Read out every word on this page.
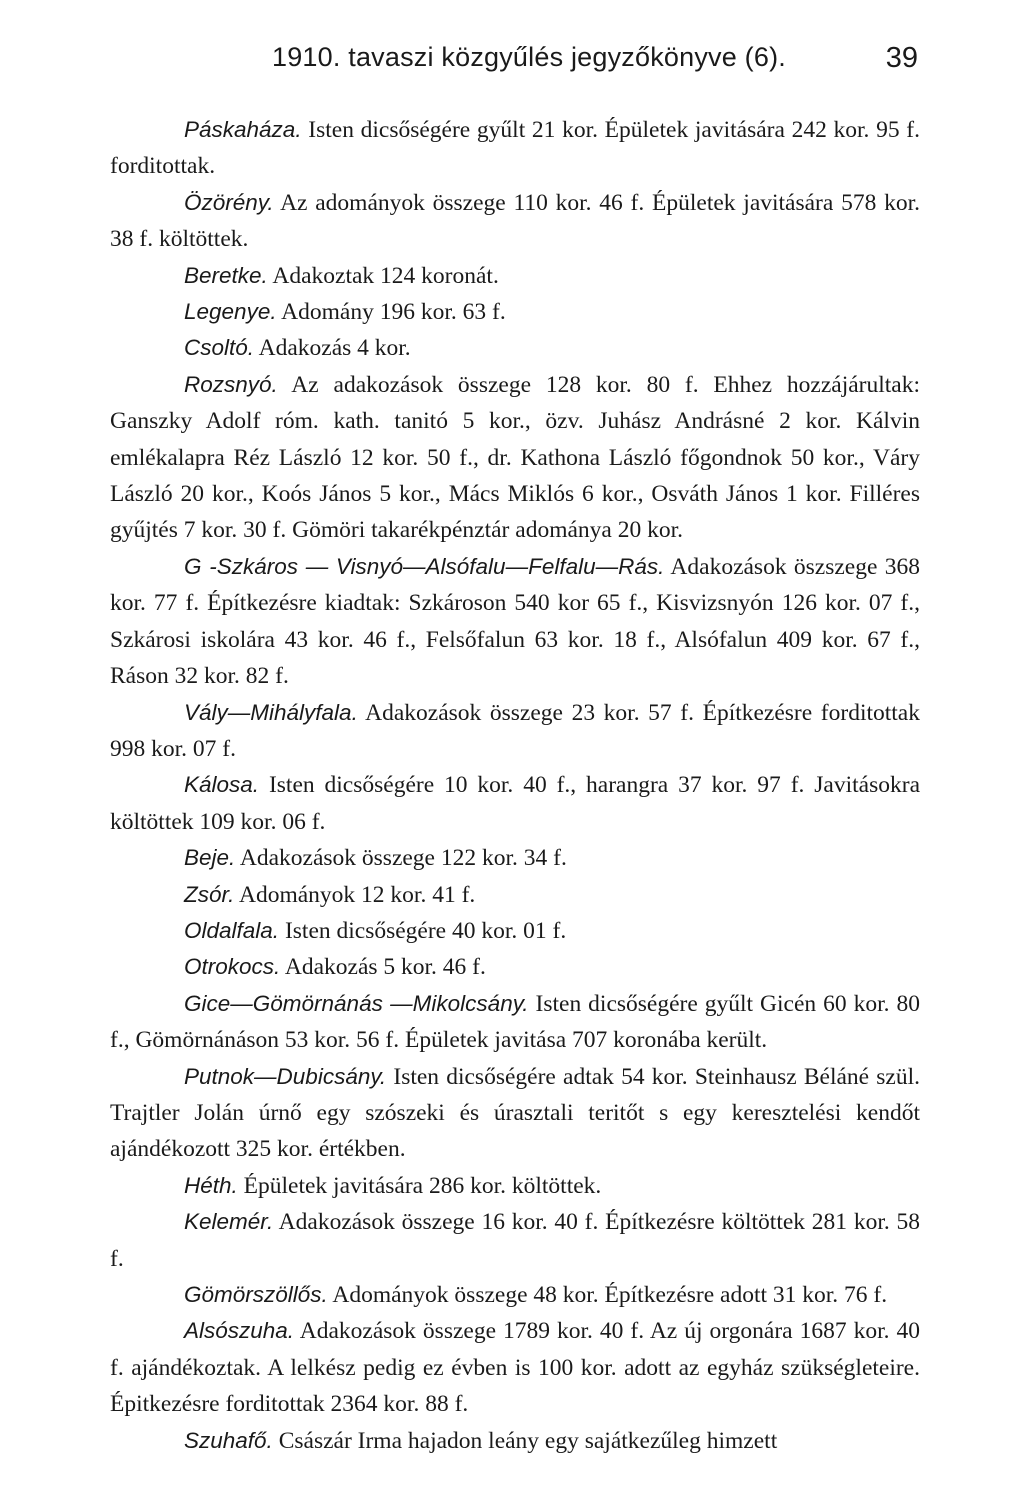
1910. tavaszi közgyűlés jegyzőkönyve (6).	39

Páskaháza. Isten dicsőségére gyűlt 21 kor. Épületek javitására 242 kor. 95 f. forditottak.

Özörény. Az adományok összege 110 kor. 46 f. Épületek javitására 578 kor. 38 f. költöttek.

Beretke. Adakoztak 124 koronát.

Legenye. Adomány 196 kor. 63 f.

Csoltó. Adakozás 4 kor.

Rozsnyó. Az adakozások összege 128 kor. 80 f. Ehhez hozzájárultak: Ganszky Adolf róm. kath. tanitó 5 kor., özv. Juhász Andrásné 2 kor. Kálvin emlékalapra Réz László 12 kor. 50 f., dr. Kathona László főgondnok 50 kor., Váry László 20 kor., Koós János 5 kor., Mács Miklós 6 kor., Osváth János 1 kor. Filléres gyűjtés 7 kor. 30 f. Gömöri takarékpénztár adománya 20 kor.

G -Szkáros — Visnyó—Alsófalu—Felfalu—Rás. Adakozások öszszege 368 kor. 77 f. Építkezésre kiadtak: Szkároson 540 kor 65 f., Kisvizsnyón 126 kor. 07 f., Szkárosi iskolára 43 kor. 46 f., Felsőfalun 63 kor. 18 f., Alsófalun 409 kor. 67 f., Ráson 32 kor. 82 f.

Vály—Mihályfala. Adakozások összege 23 kor. 57 f. Építkezésre forditottak 998 kor. 07 f.

Kálosa. Isten dicsőségére 10 kor. 40 f., harangra 37 kor. 97 f. Javitásokra költöttek 109 kor. 06 f.

Beje. Adakozások összege 122 kor. 34 f.

Zsór. Adományok 12 kor. 41 f.

Oldalfala. Isten dicsőségére 40 kor. 01 f.

Otrokocs. Adakozás 5 kor. 46 f.

Gice—Gömörnánás —Mikolcsány. Isten dicsőségére gyűlt Gicén 60 kor. 80 f., Gömörnánáson 53 kor. 56 f. Épületek javitása 707 koronába került.

Putnok—Dubicsány. Isten dicsőségére adtak 54 kor. Steinhausz Béláné szül. Trajtler Jolán úrnő egy szószeki és úrasztali teritőt s egy keresztelési kendőt ajándékozott 325 kor. értékben.

Héth. Épületek javitására 286 kor. költöttek.

Kelemér. Adakozások összege 16 kor. 40 f. Építkezésre költöttek 281 kor. 58 f.

Gömörszöllős. Adományok összege 48 kor. Építkezésre adott 31 kor. 76 f.

Alsószuha. Adakozások összege 1789 kor. 40 f. Az új orgonára 1687 kor. 40 f. ajándékoztak. A lelkész pedig ez évben is 100 kor. adott az egyház szükségleteire. Épitkezésre forditottak 2364 kor. 88 f.

Szuhafő. Császár Irma hajadon leány egy sajátkezűleg himzett
